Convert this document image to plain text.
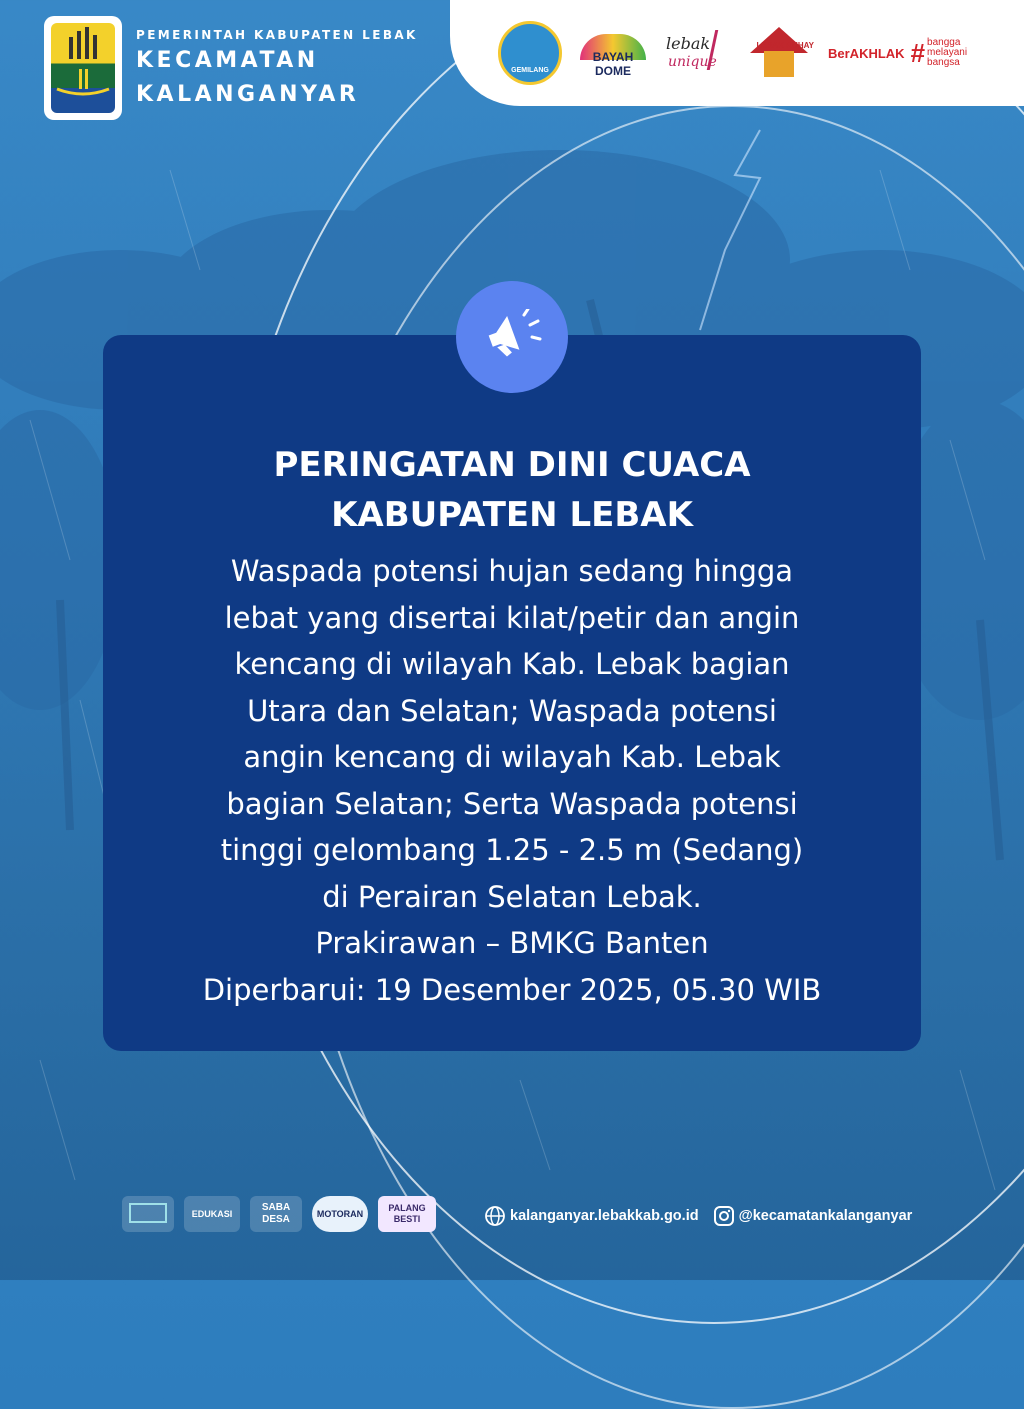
PEMERINTAH KABUPATEN LEBAK
KECAMATAN
KALANGANYAR
GEMILANG
BAYAH DOME
lebak
unique
LEBAK RUHAY BerAKHLAK # bangga
melayani
bangsa
PERINGATAN DINI CUACA
KABUPATEN LEBAK
Waspada potensi hujan sedang hingga
lebat yang disertai kilat/petir dan angin
kencang di wilayah Kab. Lebak bagian
Utara dan Selatan; Waspada potensi
angin kencang di wilayah Kab. Lebak
bagian Selatan; Serta Waspada potensi
tinggi gelombang 1.25 - 2.5 m (Sedang)
di Perairan Selatan Lebak.
Prakirawan – BMKG Banten
Diperbarui: 19 Desember 2025, 05.30 WIB
EDUKASI
SABA DESA	MOTORAN
PALANG BESTI	kalanganyar.lebakkab.go.id	@kecamatankalanganyar
